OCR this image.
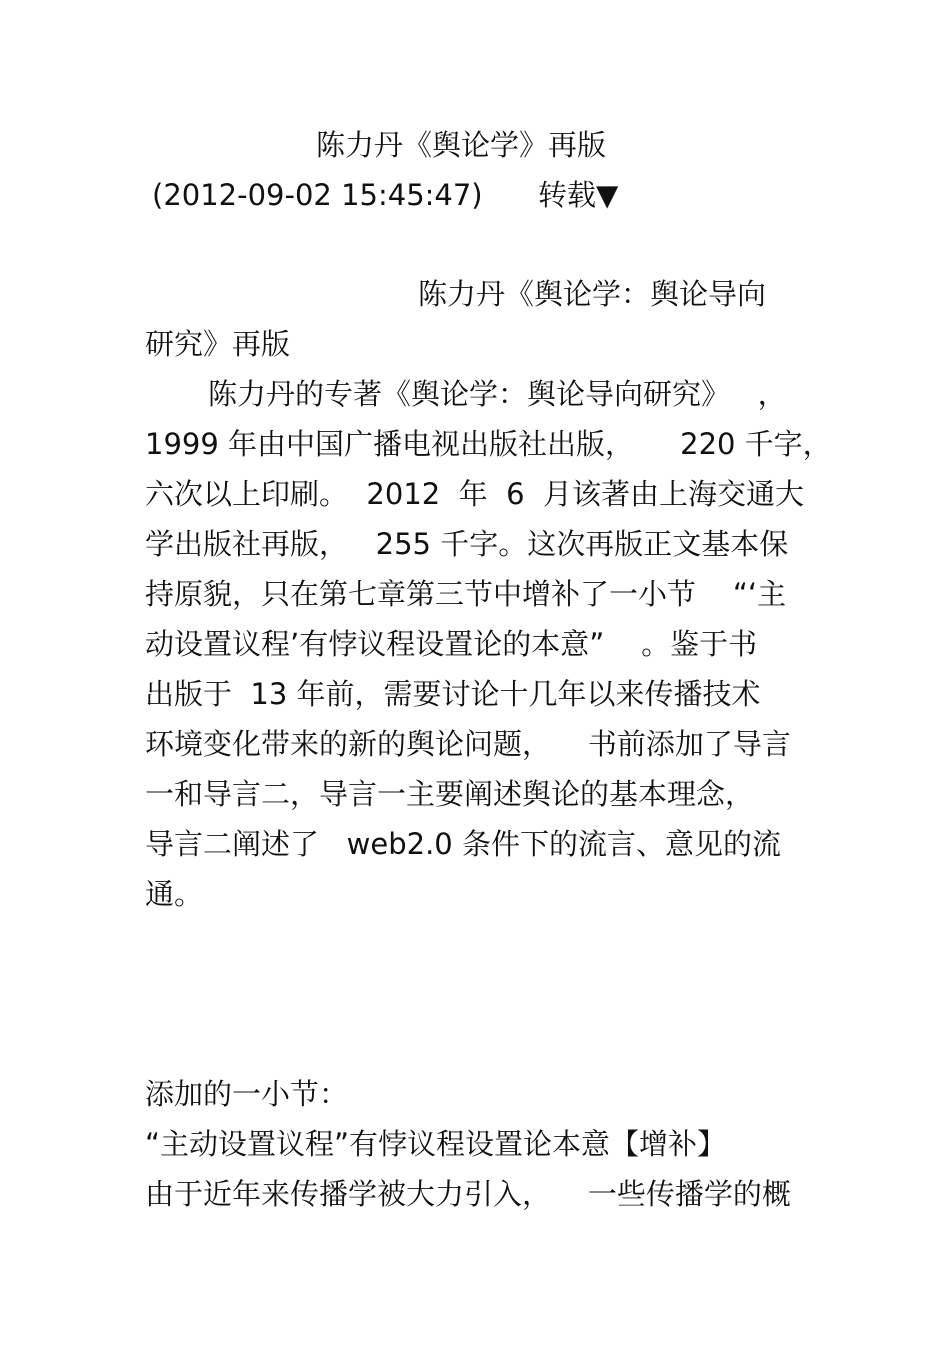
陈力丹《舆论学》再版
(2012-09-02 15:45:47) 转载▼
陈力丹《舆论学：舆论导向
研究》再版
陈力丹的专著《舆论学：舆论导向研究》   ，
1999 年由中国广播电视出版社出版，     220 千字，
六次以上印刷。  2012  年  6  月该著由上海交通大
学出版社再版，   255 千字。这次再版正文基本保
持原貌，只在第七章第三节中增补了一小节    “‘主
动设置议程’有悖议程设置论的本意”    。鉴于书
出版于  13 年前，需要讨论十几年以来传播技术
环境变化带来的新的舆论问题，    书前添加了导言
一和导言二，导言一主要阐述舆论的基本理念，
导言二阐述了   web2.0 条件下的流言、意见的流
通。
添加的一小节：
“主动设置议程”有悖议程设置论本意【增补】
由于近年来传播学被大力引入，    一些传播学的概
